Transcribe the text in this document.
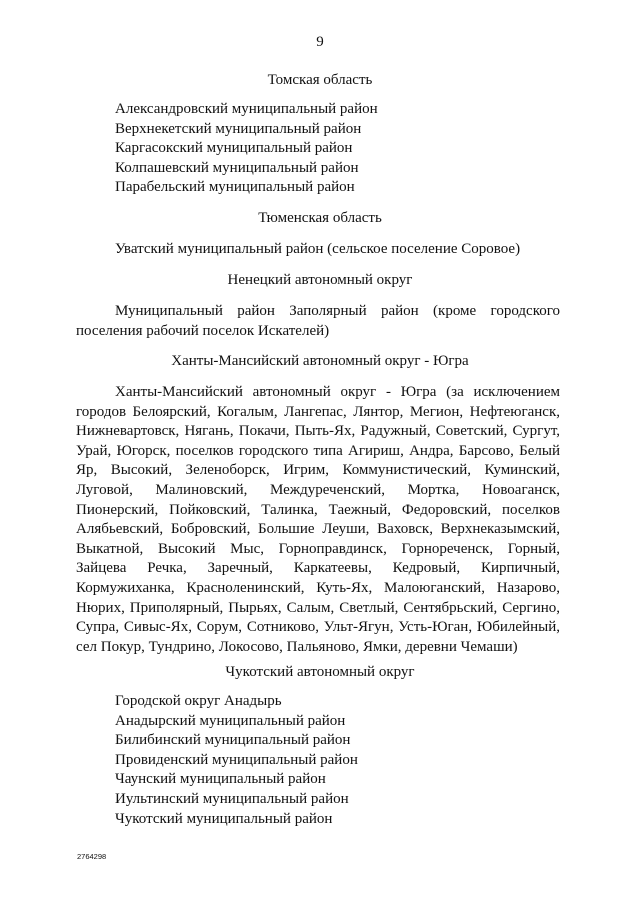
9
Томская область
Александровский муниципальный район
Верхнекетский муниципальный район
Каргасокский муниципальный район
Колпашевский муниципальный район
Парабельский муниципальный район
Тюменская область
Уватский муниципальный район (сельское поселение Соровое)
Ненецкий автономный округ

Муниципальный район Заполярный район (кроме городского
поселения рабочий поселок Искателей)

Ханты-Мансийский автономный округ - Югра

Ханты-Мансийский автономный округ - Югра (за исключением
городов Белоярский, Когалым, Лангепас, Лянтор, Мегион, Нефтеюганск,
Нижневартовск, Нягань, Покачи, Пыть-Ях, Радужный, Советский, Сургут,
Урай, Югорск, поселков городского типа Агириш, Андра, Барсово, Белый
Яр, Высокий, Зеленоборск, Игрим, Коммунистический, Куминский,
Луговой, Малиновский, Междуреченский, Мортка, Новоаганск,
Пионерский, Пойковский, Талинка, Таежный, Федоровский, поселков
Алябьевский, Бобровский, Большие Леуши, Ваховск, Верхнеказымский,
Выкатной, Высокий Мыс, Горноправдинск, Горнореченск, Горный,
Зайцева Речка, Заречный, Каркатеевы, Кедровый, Кирпичный,
Кормужиханка, Красноленинский, Куть-Ях, Малоюганский, Назарово,
Нюрих, Приполярный, Пырьях, Салым, Светлый, Сентябрьский, Сергино,
Супра, Сивыс-Ях, Сорум, Сотниково, Ульт-Ягун, Усть-Юган, Юбилейный,
сел Покур, Тундрино, Локосово, Пальяново, Ямки, деревни Чемаши)

Чукотский автономный округ
Городской округ Анадырь
Анадырский муниципальный район
Билибинский муниципальный район
Провиденский муниципальный район
Чаунский муниципальный район
Иультинский муниципальный район
Чукотский муниципальный район
2764298
